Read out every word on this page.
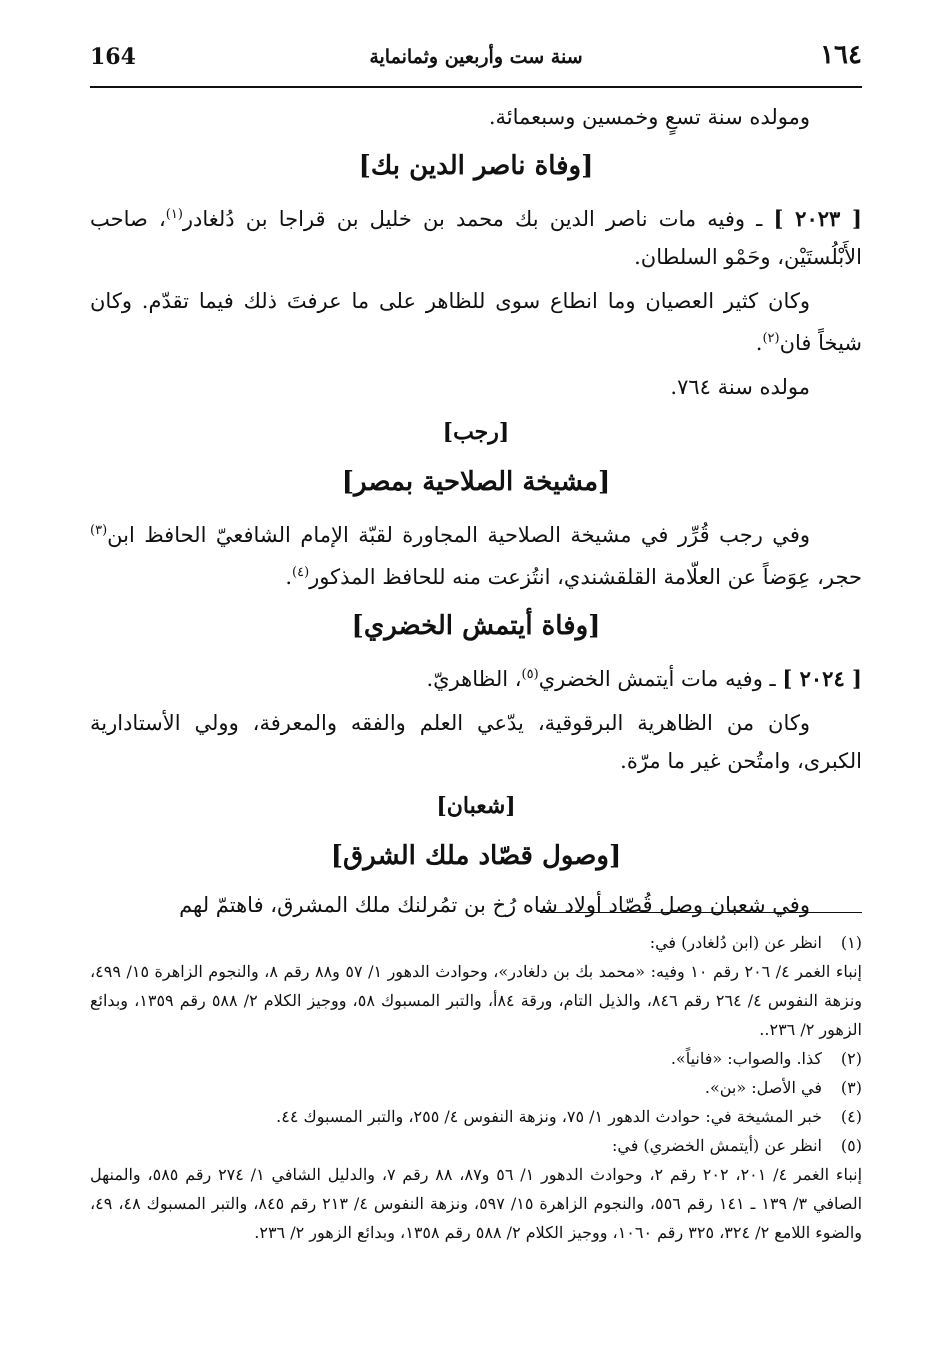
164	سنة ست وأربعين وثمانماية	١٦٤

ومولده سنة تسعٍ وخمسين وسبعمائة.

[وفاة ناصر الدين بك]

[ ٢٠٢٣ ] ـ وفيه مات ناصر الدين بك محمد بن خليل بن قراجا بن دُلغادر$^{(١)}$، صاحب الأَبْلُستَيْن، وحَمْو السلطان.

وكان كثير العصيان وما انطاع سوى للظاهر على ما عرفتَ ذلك فيما تقدّم. وكان شيخاً فان$^{(٢)}$.

مولده سنة ٧٦٤.

[رجب]
[مشيخة الصلاحية بمصر]

وفي رجب قُرِّر في مشيخة الصلاحية المجاورة لقبّة الإمام الشافعيّ الحافظ ابن$^{(٣)}$ حجر، عِوَضاً عن العلّامة القلقشندي، انتُزعت منه للحافظ المذكور$^{(٤)}$.

[وفاة أيتمش الخضري]

[ ٢٠٢٤ ] ـ وفيه مات أيتمش الخضري$^{(٥)}$، الظاهريّ.

وكان من الظاهرية البرقوقية، يدّعي العلم والفقه والمعرفة، وولي الأستادارية الكبرى، وامتُحن غير ما مرّة.

[شعبان]
[وصول قصّاد ملك الشرق]

وفي شعبان وصل قُصّاد أولاد شاه رُخ بن تمُرلنك ملك المشرق، فاهتمّ لهم

(١)انظر عن (ابن دُلغادر) في:

إنباء الغمر ٤/ ٢٠٦ رقم ١٠ وفيه: «محمد بك بن دلغادر»، وحوادث الدهور ١/ ٥٧ و٨٨ رقم ٨، والنجوم الزاهرة ١٥/ ٤٩٩، ونزهة النفوس ٤/ ٢٦٤ رقم ٨٤٦، والذيل التام، ورقة ٨٤أ، والتبر المسبوك ٥٨، ووجيز الكلام ٢/ ٥٨٨ رقم ١٣٥٩، وبدائع الزهور ٢/ ٢٣٦..

(٢)كذا. والصواب: «فانياً».

(٣)في الأصل: «بن».

(٤)خبر المشيخة في: حوادث الدهور ١/ ٧٥، ونزهة النفوس ٤/ ٢٥٥، والتبر المسبوك ٤٤.

(٥)انظر عن (أيتمش الخضري) في:

إنباء الغمر ٤/ ٢٠١، ٢٠٢ رقم ٢، وحوادث الدهور ١/ ٥٦ و٨٧، ٨٨ رقم ٧، والدليل الشافي ١/ ٢٧٤ رقم ٥٨٥، والمنهل الصافي ٣/ ١٣٩ ـ ١٤١ رقم ٥٥٦، والنجوم الزاهرة ١٥/ ٥٩٧، ونزهة النفوس ٤/ ٢١٣ رقم ٨٤٥، والتبر المسبوك ٤٨، ٤٩، والضوء اللامع ٢/ ٣٢٤، ٣٢٥ رقم ١٠٦٠، ووجيز الكلام ٢/ ٥٨٨ رقم ١٣٥٨، وبدائع الزهور ٢/ ٢٣٦.
